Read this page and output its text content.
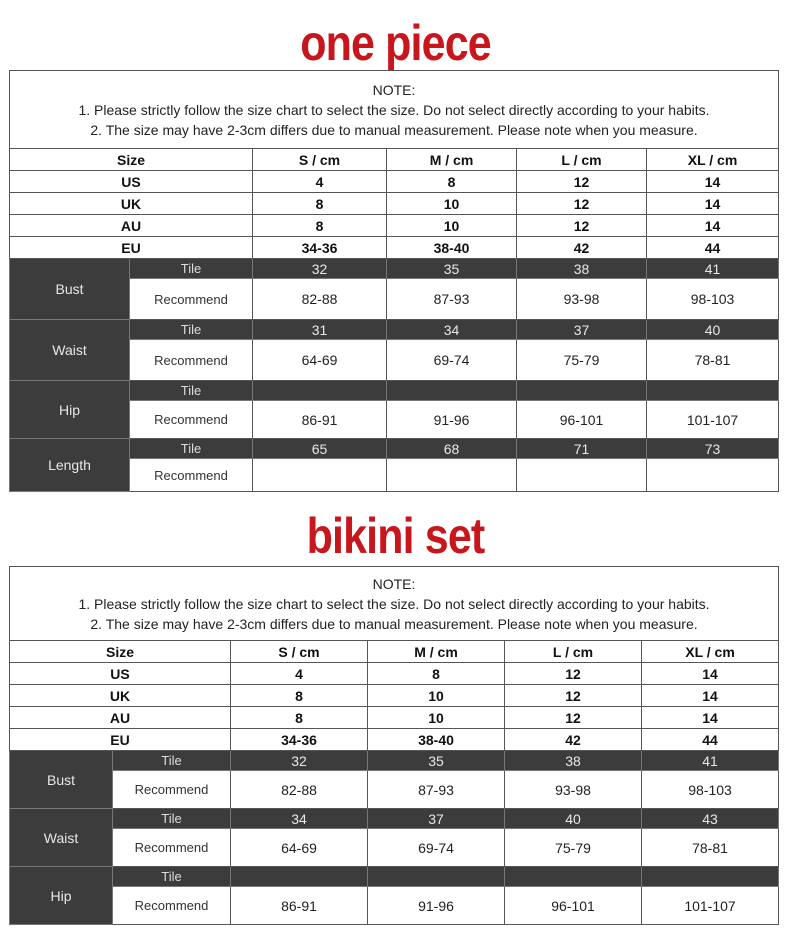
one piece
NOTE:
1. Please strictly follow the size chart to select the size. Do not select directly according to your habits.
2. The size may have 2-3cm differs due to manual measurement. Please note when you measure.					

Size		S / cm	M / cm	L / cm	XL / cm
US		4	8	12	14
UK		8	10	12	14
AU		8	10	12	14
EU		34-36	38-40	42	44
Bust	Tile	32	35	38	41
	Recommend	82-88	87-93	93-98	98-103
Waist	Tile	31	34	37	40
	Recommend	64-69	69-74	75-79	78-81
Hip	Tile				
	Recommend	86-91	91-96	96-101	101-107
Length	Tile	65	68	71	73
	Recommend				
bikini set
NOTE:
1. Please strictly follow the size chart to select the size. Do not select directly according to your habits.
2. The size may have 2-3cm differs due to manual measurement. Please note when you measure.					

Size		S / cm	M / cm	L / cm	XL / cm
US		4	8	12	14
UK		8	10	12	14
AU		8	10	12	14
EU		34-36	38-40	42	44
Bust	Tile	32	35	38	41
	Recommend	82-88	87-93	93-98	98-103
Waist	Tile	34	37	40	43
	Recommend	64-69	69-74	75-79	78-81
Hip	Tile				
	Recommend	86-91	91-96	96-101	101-107
